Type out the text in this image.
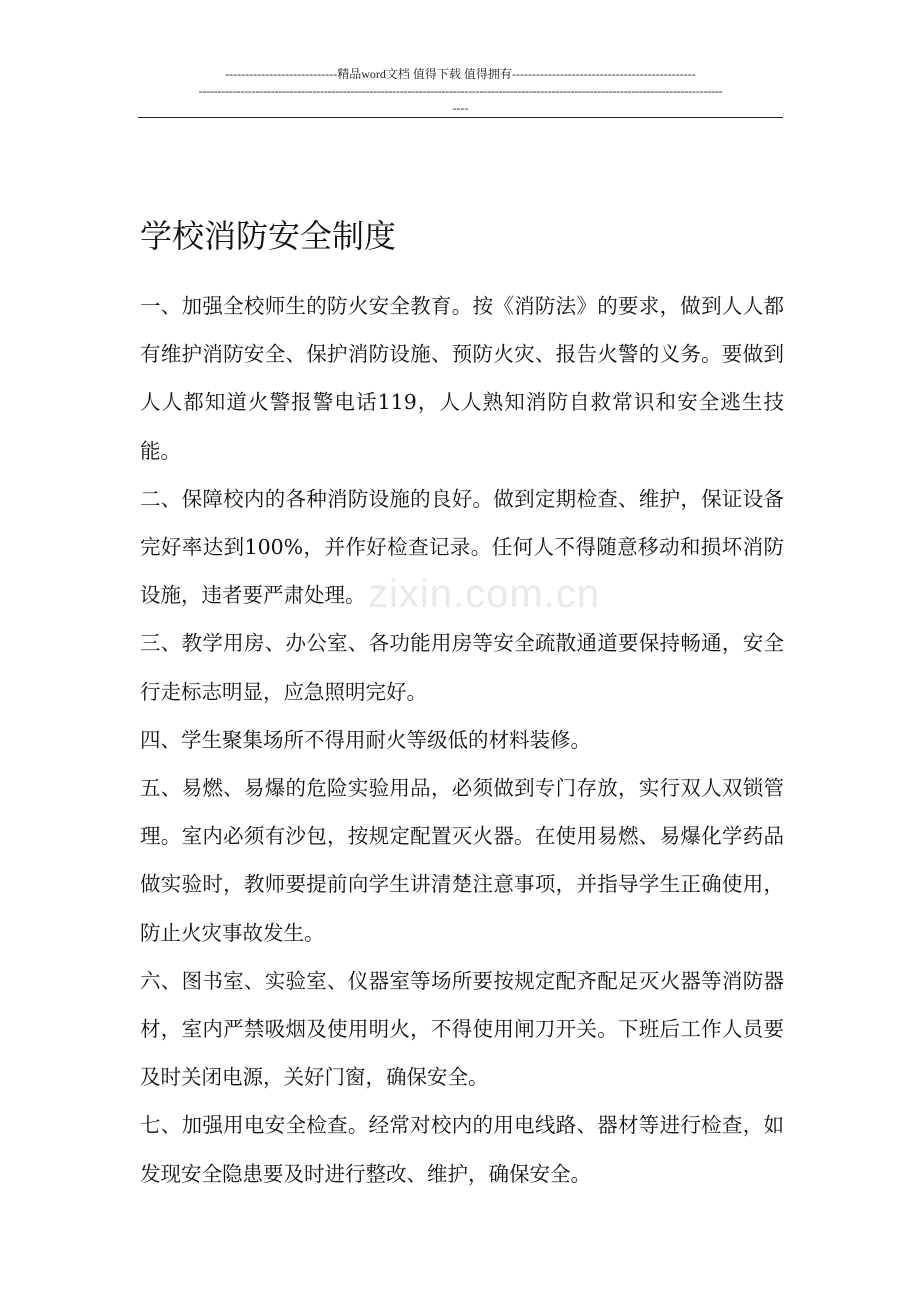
----------------------------精品word文档 值得下载 值得拥有----------------------------------------------
------------------------------------------------------------------------------------------------------------------------------------------
----
学校消防安全制度

一、加强全校师生的防火安全教育。按《消防法》的要求，做到人人都有维护消防安全、保护消防设施、预防火灾、报告火警的义务。要做到人人都知道火警报警电话119，人人熟知消防自救常识和安全逃生技能。

二、保障校内的各种消防设施的良好。做到定期检查、维护，保证设备完好率达到100%，并作好检查记录。任何人不得随意移动和损坏消防设施，违者要严肃处理。

三、教学用房、办公室、各功能用房等安全疏散通道要保持畅通，安全行走标志明显，应急照明完好。

四、学生聚集场所不得用耐火等级低的材料装修。

五、易燃、易爆的危险实验用品，必须做到专门存放，实行双人双锁管理。室内必须有沙包，按规定配置灭火器。在使用易燃、易爆化学药品做实验时，教师要提前向学生讲清楚注意事项，并指导学生正确使用，防止火灾事故发生。

六、图书室、实验室、仪器室等场所要按规定配齐配足灭火器等消防器材，室内严禁吸烟及使用明火，不得使用闸刀开关。下班后工作人员要及时关闭电源，关好门窗，确保安全。

七、加强用电安全检查。经常对校内的用电线路、器材等进行检查，如发现安全隐患要及时进行整改、维护，确保安全。

zixin.com.cn
